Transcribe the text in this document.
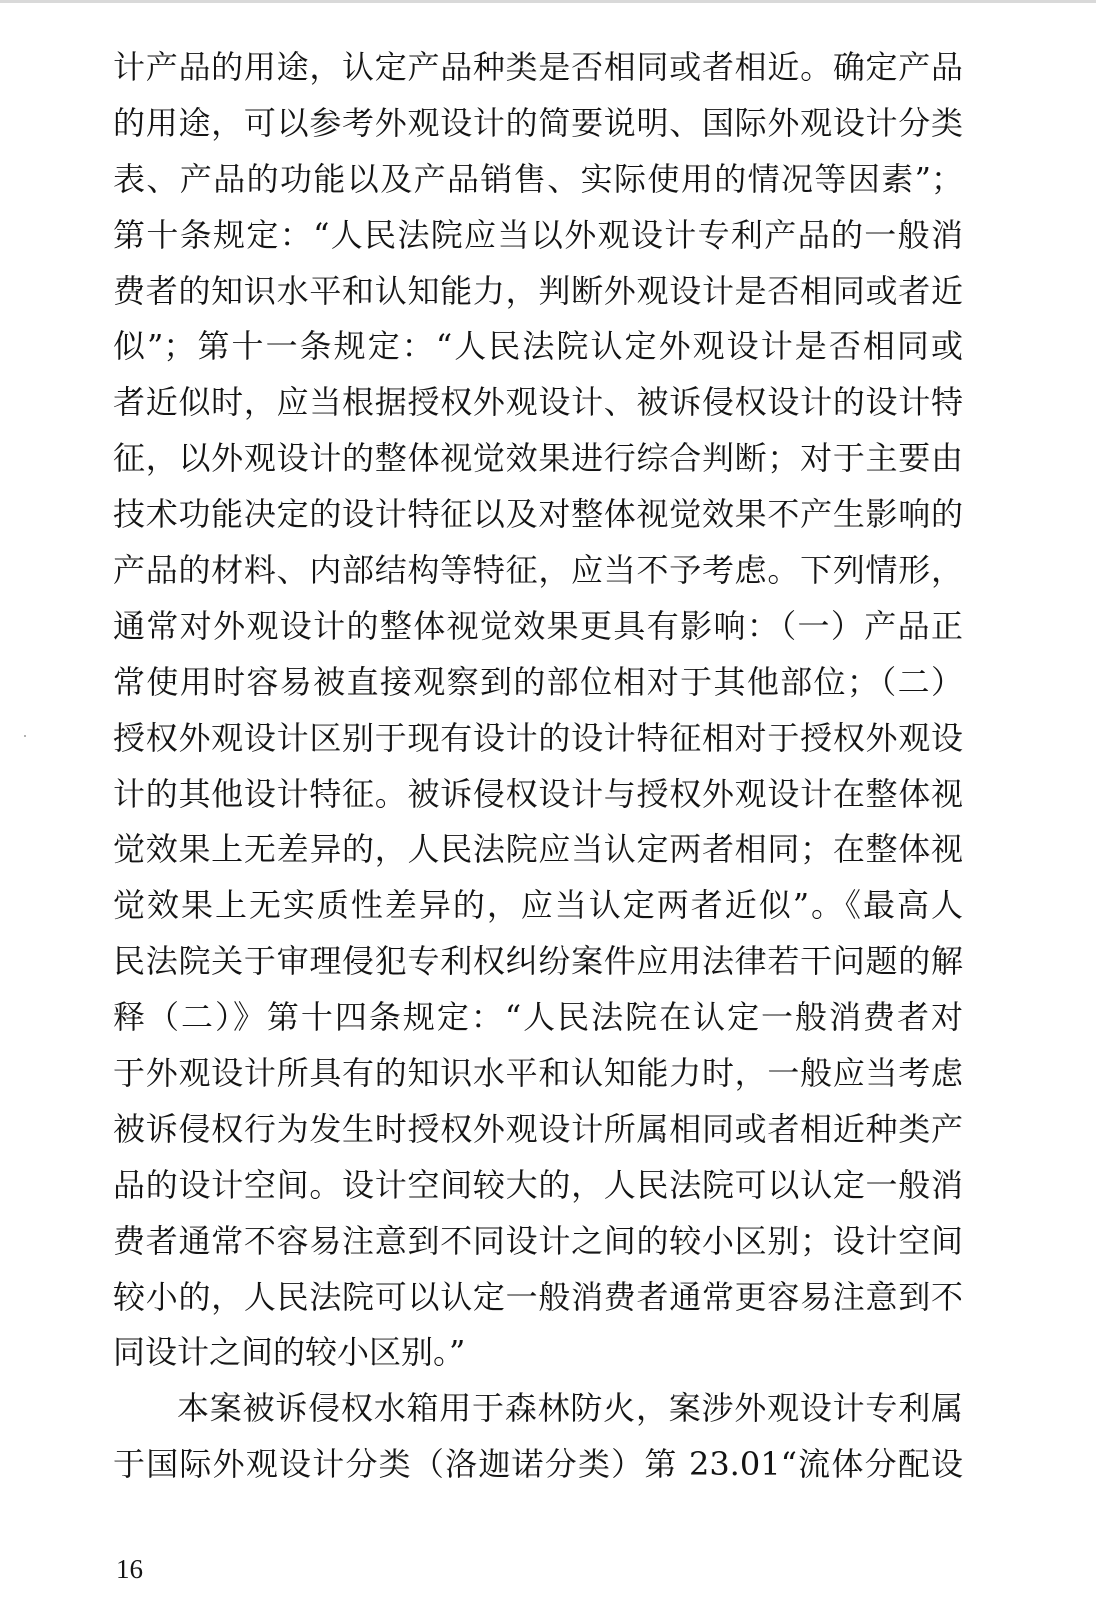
计产品的用途，认定产品种类是否相同或者相近。确定产品
的用途，可以参考外观设计的简要说明、国际外观设计分类
表、产品的功能以及产品销售、实际使用的情况等因素”；
第十条规定：“人民法院应当以外观设计专利产品的一般消
费者的知识水平和认知能力，判断外观设计是否相同或者近
似”；第十一条规定：“人民法院认定外观设计是否相同或
者近似时，应当根据授权外观设计、被诉侵权设计的设计特
征，以外观设计的整体视觉效果进行综合判断；对于主要由
技术功能决定的设计特征以及对整体视觉效果不产生影响的
产品的材料、内部结构等特征，应当不予考虑。下列情形，
通常对外观设计的整体视觉效果更具有影响：（一）产品正
常使用时容易被直接观察到的部位相对于其他部位；（二）
授权外观设计区别于现有设计的设计特征相对于授权外观设
计的其他设计特征。被诉侵权设计与授权外观设计在整体视
觉效果上无差异的，人民法院应当认定两者相同；在整体视
觉效果上无实质性差异的，应当认定两者近似”。《最高人
民法院关于审理侵犯专利权纠纷案件应用法律若干问题的解
释（二）》第十四条规定：“人民法院在认定一般消费者对
于外观设计所具有的知识水平和认知能力时，一般应当考虑
被诉侵权行为发生时授权外观设计所属相同或者相近种类产
品的设计空间。设计空间较大的，人民法院可以认定一般消
费者通常不容易注意到不同设计之间的较小区别；设计空间
较小的，人民法院可以认定一般消费者通常更容易注意到不
同设计之间的较小区别。”
本案被诉侵权水箱用于森林防火，案涉外观设计专利属
于国际外观设计分类（洛迦诺分类）第 23.01“流体分配设
16
